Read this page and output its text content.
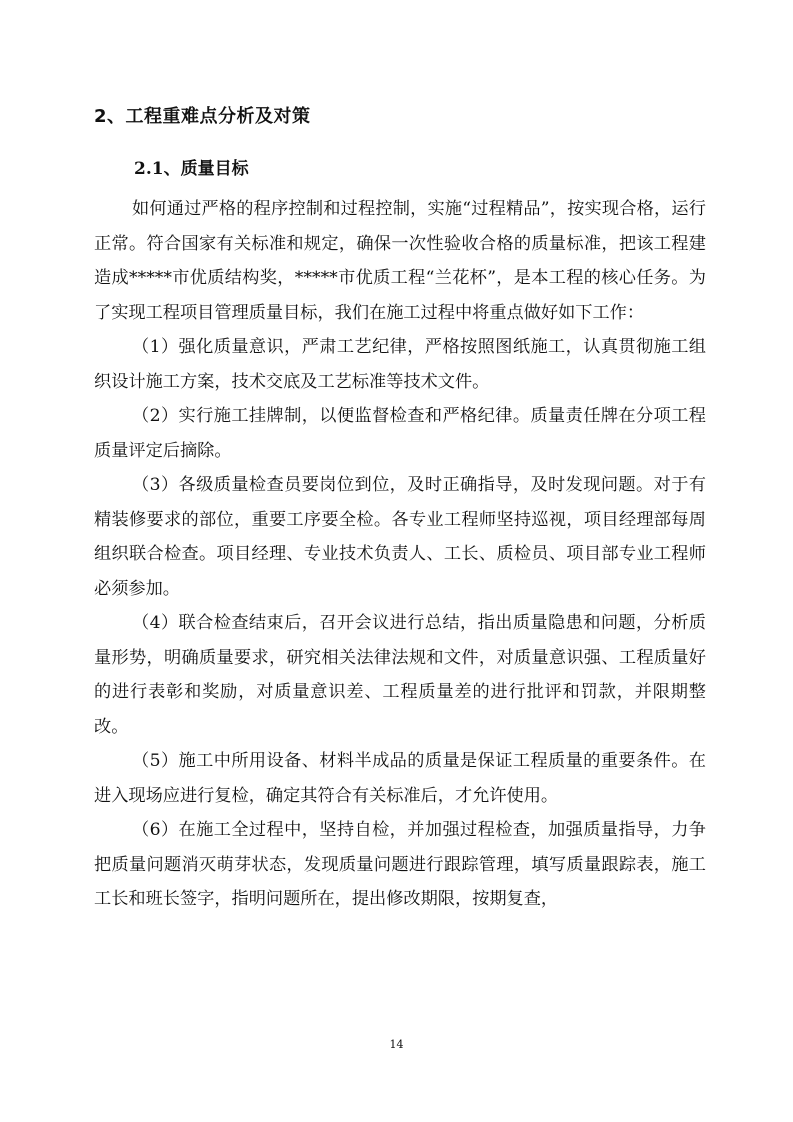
2、工程重难点分析及对策
2.1、质量目标

如何通过严格的程序控制和过程控制，实施“过程精品”，按实现合格，运行正常。符合国家有关标准和规定，确保一次性验收合格的质量标准，把该工程建造成*****市优质结构奖，*****市优质工程“兰花杯”，是本工程的核心任务。为了实现工程项目管理质量目标，我们在施工过程中将重点做好如下工作：

（1）强化质量意识，严肃工艺纪律，严格按照图纸施工，认真贯彻施工组织设计施工方案，技术交底及工艺标准等技术文件。

（2）实行施工挂牌制，以便监督检查和严格纪律。质量责任牌在分项工程质量评定后摘除。

（3）各级质量检查员要岗位到位，及时正确指导，及时发现问题。对于有精装修要求的部位，重要工序要全检。各专业工程师坚持巡视，项目经理部每周组织联合检查。项目经理、专业技术负责人、工长、质检员、项目部专业工程师必须参加。

（4）联合检查结束后，召开会议进行总结，指出质量隐患和问题，分析质量形势，明确质量要求，研究相关法律法规和文件，对质量意识强、工程质量好的进行表彰和奖励，对质量意识差、工程质量差的进行批评和罚款，并限期整改。

（5）施工中所用设备、材料半成品的质量是保证工程质量的重要条件。在进入现场应进行复检，确定其符合有关标准后，才允许使用。

（6）在施工全过程中，坚持自检，并加强过程检查，加强质量指导，力争把质量问题消灭萌芽状态，发现质量问题进行跟踪管理，填写质量跟踪表，施工工长和班长签字，指明问题所在，提出修改期限，按期复查，

14
